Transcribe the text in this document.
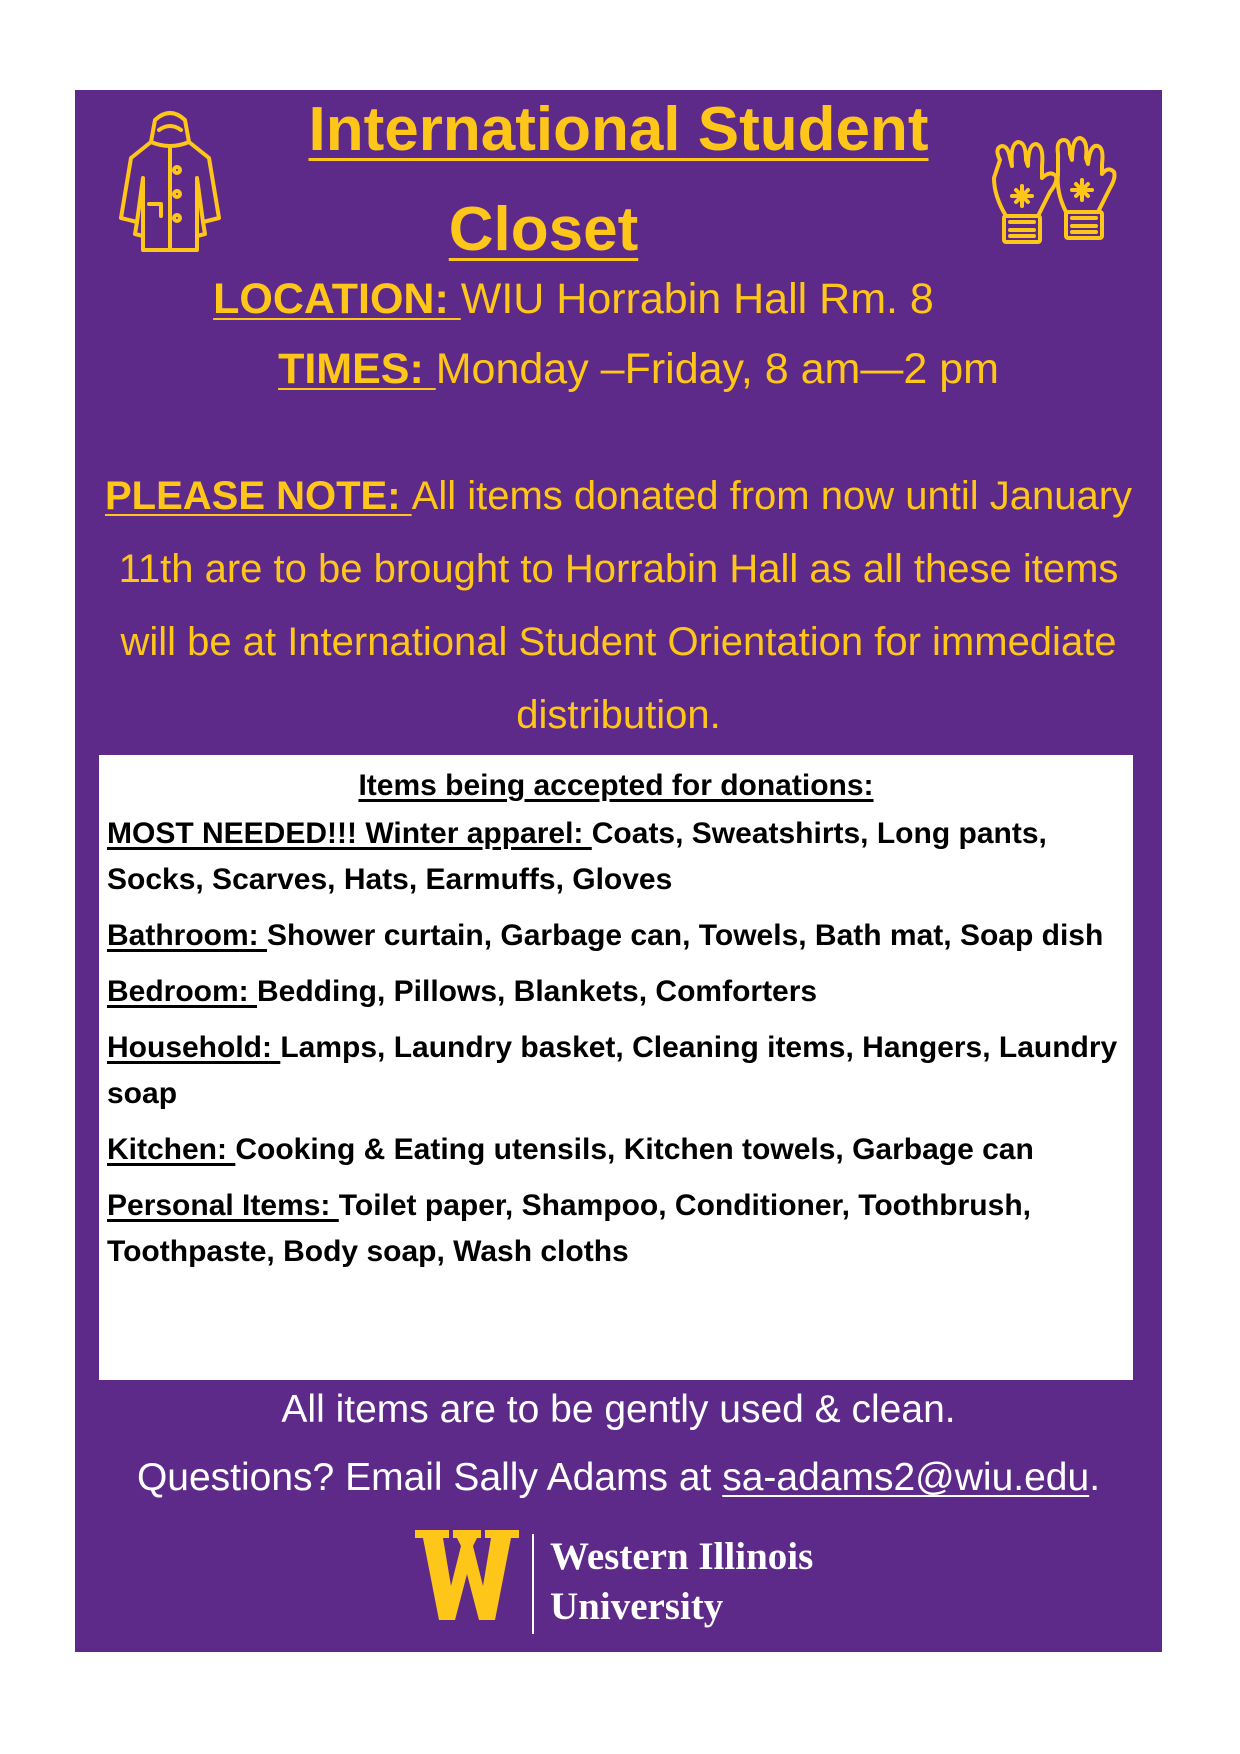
International Student
Closet
LOCATION: WIU Horrabin Hall Rm. 8
TIMES: Monday –Friday, 8 am—2 pm
PLEASE NOTE: All items donated from now until January 11th are to be brought to Horrabin Hall as all these items will be at International Student Orientation for immediate distribution.
Items being accepted for donations:

MOST NEEDED!!! Winter apparel: Coats, Sweatshirts, Long pants, Socks, Scarves, Hats, Earmuffs, Gloves

Bathroom: Shower curtain, Garbage can, Towels, Bath mat, Soap dish

Bedroom: Bedding, Pillows, Blankets, Comforters

Household: Lamps, Laundry basket, Cleaning items, Hangers, Laundry soap

Kitchen: Cooking & Eating utensils, Kitchen towels, Garbage can

Personal Items: Toilet paper, Shampoo, Conditioner, Toothbrush, Toothpaste, Body soap, Wash cloths

All items are to be gently used & clean.
Questions? Email Sally Adams at sa-adams2@wiu.edu.
Western Illinois
University
